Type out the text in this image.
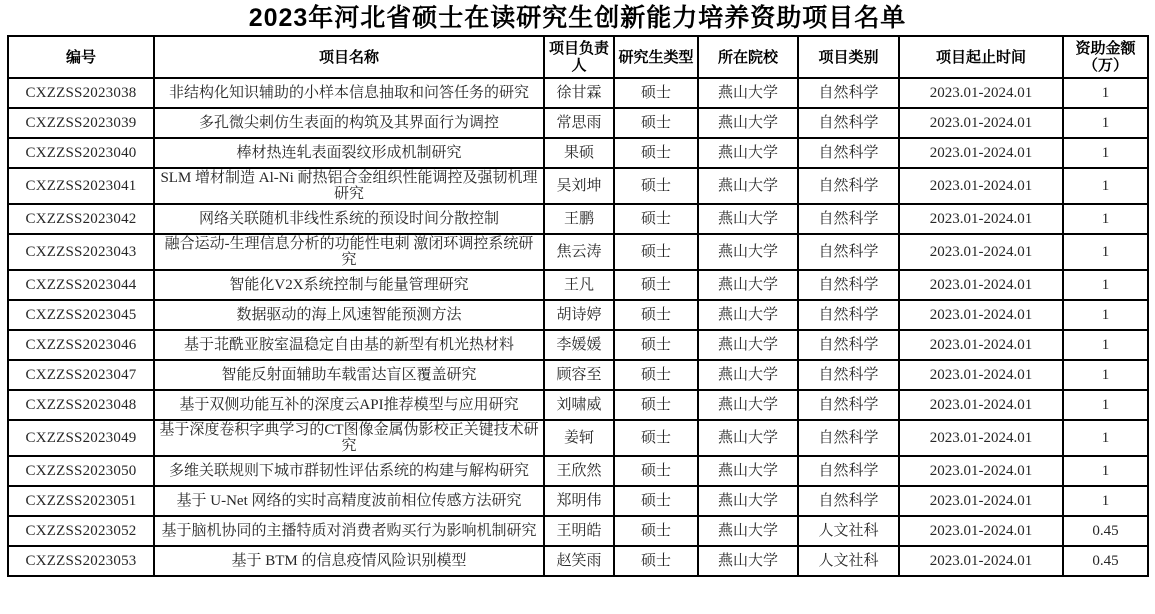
2023年河北省硕士在读研究生创新能力培养资助项目名单
编号	项目名称	项目负责人	研究生类型	所在院校	项目类别	项目起止时间	资助金额（万）
CXZZSS2023038	非结构化知识辅助的小样本信息抽取和问答任务的研究	徐甘霖	硕士	燕山大学	自然科学	2023.01-2024.01	1
CXZZSS2023039	多孔微尖刺仿生表面的构筑及其界面行为调控	常思雨	硕士	燕山大学	自然科学	2023.01-2024.01	1
CXZZSS2023040	棒材热连轧表面裂纹形成机制研究	果硕	硕士	燕山大学	自然科学	2023.01-2024.01	1
CXZZSS2023041	SLM 增材制造 Al-Ni 耐热铝合金组织性能调控及强韧机理研究	吴刘坤	硕士	燕山大学	自然科学	2023.01-2024.01	1
CXZZSS2023042	网络关联随机非线性系统的预设时间分散控制	王鹏	硕士	燕山大学	自然科学	2023.01-2024.01	1
CXZZSS2023043	融合运动-生理信息分析的功能性电刺 激闭环调控系统研究	焦云涛	硕士	燕山大学	自然科学	2023.01-2024.01	1
CXZZSS2023044	智能化V2X系统控制与能量管理研究	王凡	硕士	燕山大学	自然科学	2023.01-2024.01	1
CXZZSS2023045	数据驱动的海上风速智能预测方法	胡诗婷	硕士	燕山大学	自然科学	2023.01-2024.01	1
CXZZSS2023046	基于苝酰亚胺室温稳定自由基的新型有机光热材料	李媛媛	硕士	燕山大学	自然科学	2023.01-2024.01	1
CXZZSS2023047	智能反射面辅助车载雷达盲区覆盖研究	顾容至	硕士	燕山大学	自然科学	2023.01-2024.01	1
CXZZSS2023048	基于双侧功能互补的深度云API推荐模型与应用研究	刘啸威	硕士	燕山大学	自然科学	2023.01-2024.01	1
CXZZSS2023049	基于深度卷积字典学习的CT图像金属伪影校正关键技术研究	姜轲	硕士	燕山大学	自然科学	2023.01-2024.01	1
CXZZSS2023050	多维关联规则下城市群韧性评估系统的构建与解构研究	王欣然	硕士	燕山大学	自然科学	2023.01-2024.01	1
CXZZSS2023051	基于 U-Net 网络的实时高精度波前相位传感方法研究	郑明伟	硕士	燕山大学	自然科学	2023.01-2024.01	1
CXZZSS2023052	基于脑机协同的主播特质对消费者购买行为影响机制研究	王明皓	硕士	燕山大学	人文社科	2023.01-2024.01	0.45
CXZZSS2023053	基于 BTM 的信息疫情风险识别模型	赵笑雨	硕士	燕山大学	人文社科	2023.01-2024.01	0.45
